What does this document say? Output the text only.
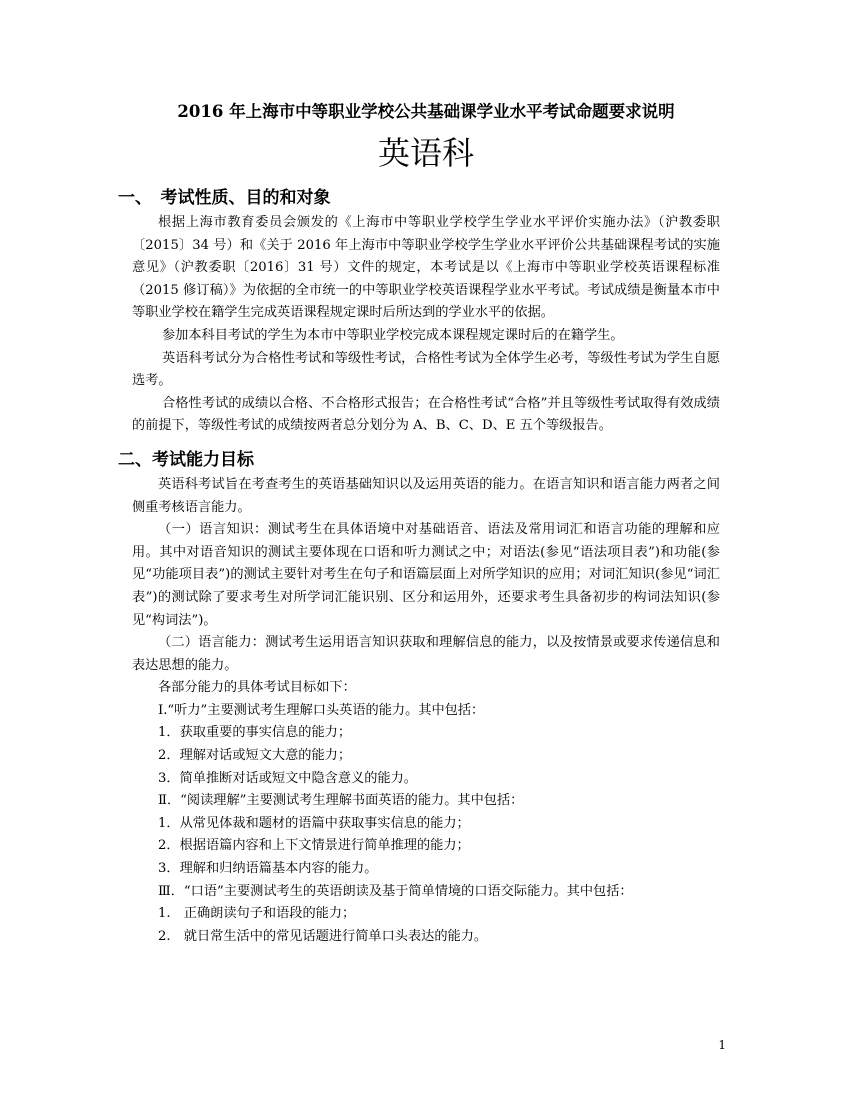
2016 年上海市中等职业学校公共基础课学业水平考试命题要求说明

英语科

一、　考试性质、目的和对象

根据上海市教育委员会颁发的《上海市中等职业学校学生学业水平评价实施办法》（沪教委职〔2015〕34 号）和《关于 2016 年上海市中等职业学校学生学业水平评价公共基础课程考试的实施意见》（沪教委职〔2016〕31 号）文件的规定，本考试是以《上海市中等职业学校英语课程标准（2015 修订稿）》为依据的全市统一的中等职业学校英语课程学业水平考试。考试成绩是衡量本市中等职业学校在籍学生完成英语课程规定课时后所达到的学业水平的依据。

参加本科目考试的学生为本市中等职业学校完成本课程规定课时后的在籍学生。

英语科考试分为合格性考试和等级性考试，合格性考试为全体学生必考，等级性考试为学生自愿选考。

合格性考试的成绩以合格、不合格形式报告；在合格性考试“合格”并且等级性考试取得有效成绩的前提下，等级性考试的成绩按两者总分划分为 A、B、C、D、E 五个等级报告。

二、考试能力目标

英语科考试旨在考查考生的英语基础知识以及运用英语的能力。在语言知识和语言能力两者之间侧重考核语言能力。

（一）语言知识：测试考生在具体语境中对基础语音、语法及常用词汇和语言功能的理解和应用。其中对语音知识的测试主要体现在口语和听力测试之中；对语法(参见“语法项目表”)和功能(参见“功能项目表”)的测试主要针对考生在句子和语篇层面上对所学知识的应用；对词汇知识(参见“词汇表”)的测试除了要求考生对所学词汇能识别、区分和运用外，还要求考生具备初步的构词法知识(参见“构词法”)。

（二）语言能力：测试考生运用语言知识获取和理解信息的能力，以及按情景或要求传递信息和表达思想的能力。

各部分能力的具体考试目标如下：

Ⅰ.“听力”主要测试考生理解口头英语的能力。其中包括：

1．获取重要的事实信息的能力；

2．理解对话或短文大意的能力；

3．简单推断对话或短文中隐含意义的能力。

Ⅱ．“阅读理解”主要测试考生理解书面英语的能力。其中包括：

1．从常见体裁和题材的语篇中获取事实信息的能力；

2．根据语篇内容和上下文情景进行简单推理的能力；

3．理解和归纳语篇基本内容的能力。

Ⅲ．“口语”主要测试考生的英语朗读及基于简单情境的口语交际能力。其中包括：

1.　正确朗读句子和语段的能力；

2.　就日常生活中的常见话题进行简单口头表达的能力。

1
